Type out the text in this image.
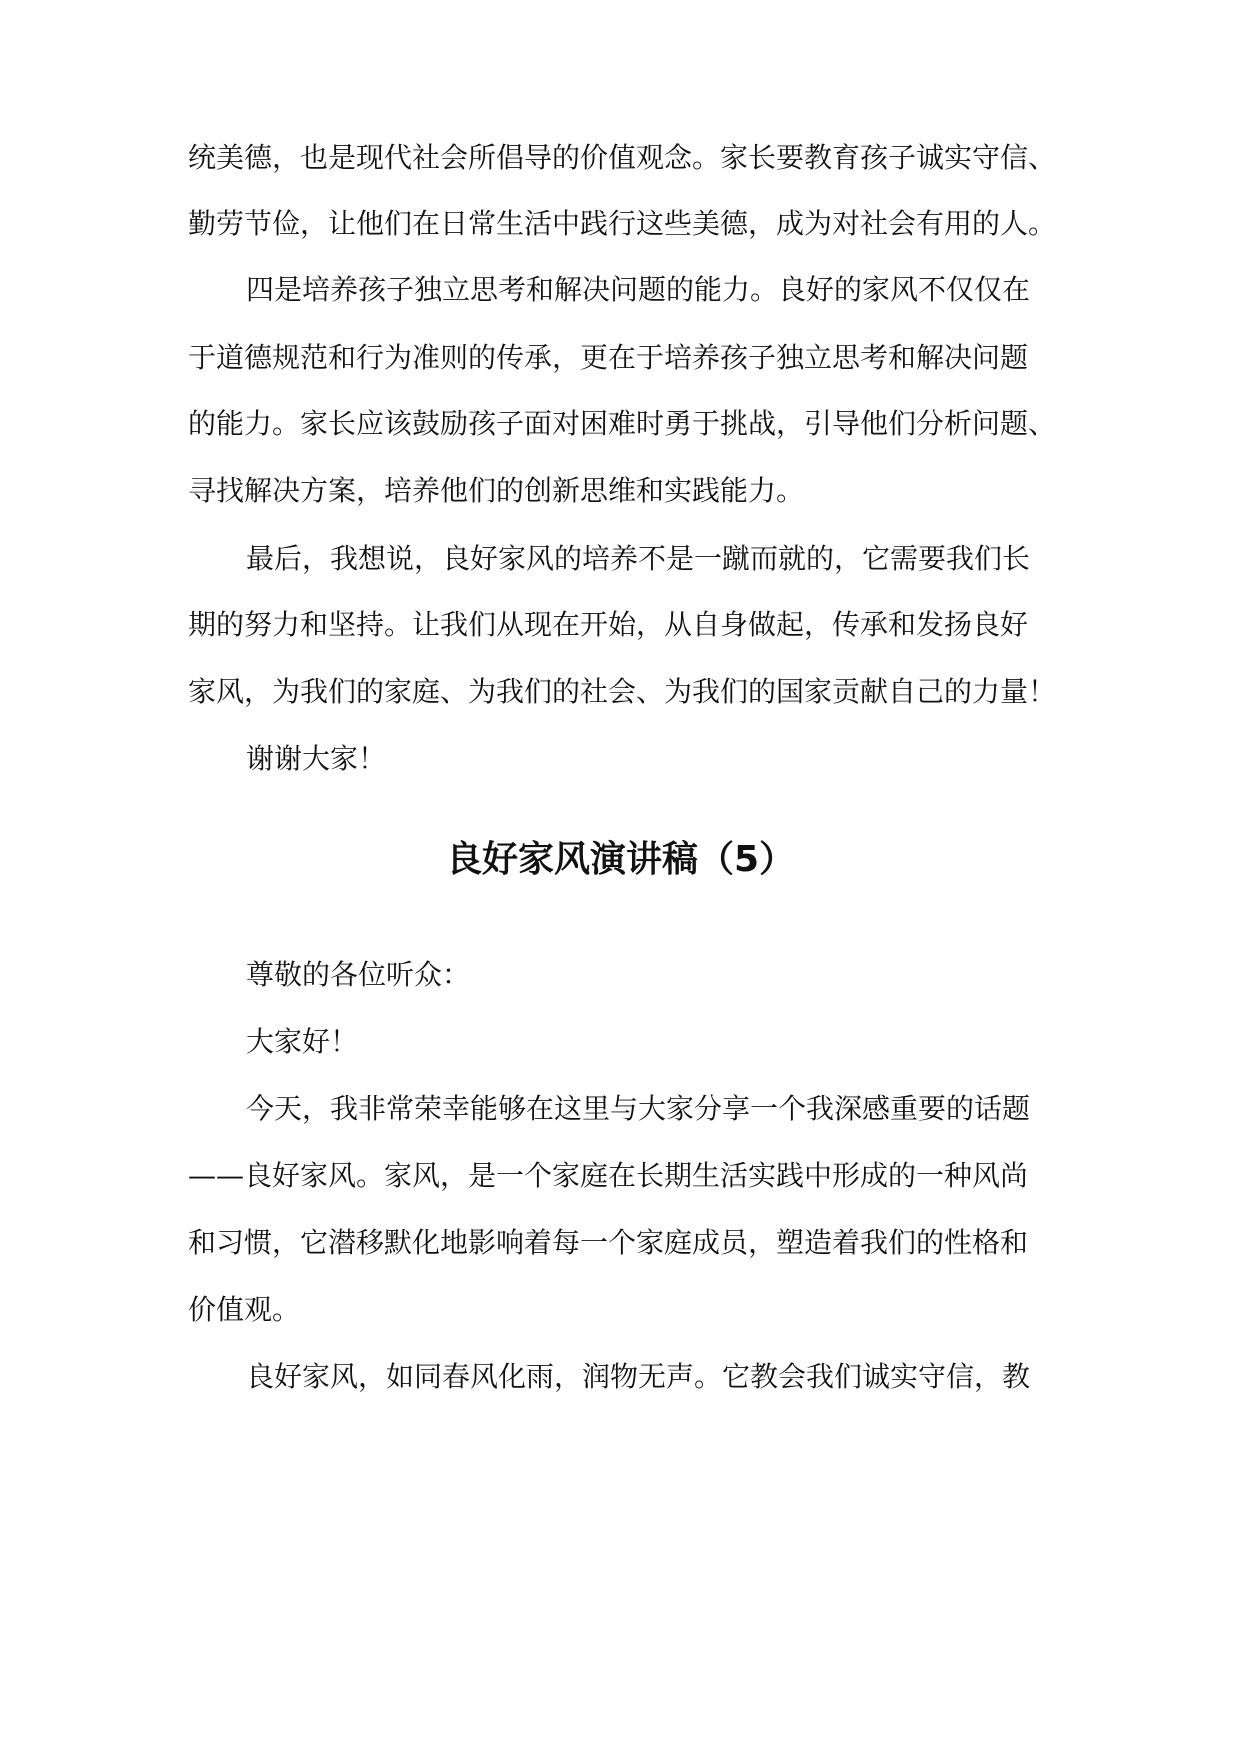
统美德，也是现代社会所倡导的价值观念。家长要教育孩子诚实守信、
勤劳节俭，让他们在日常生活中践行这些美德，成为对社会有用的人。
四是培养孩子独立思考和解决问题的能力。良好的家风不仅仅在
于道德规范和行为准则的传承，更在于培养孩子独立思考和解决问题
的能力。家长应该鼓励孩子面对困难时勇于挑战，引导他们分析问题、
寻找解决方案，培养他们的创新思维和实践能力。
最后，我想说，良好家风的培养不是一蹴而就的，它需要我们长
期的努力和坚持。让我们从现在开始，从自身做起，传承和发扬良好
家风，为我们的家庭、为我们的社会、为我们的国家贡献自己的力量！
谢谢大家！
良好家风演讲稿（5）
尊敬的各位听众：
大家好！
今天，我非常荣幸能够在这里与大家分享一个我深感重要的话题
——良好家风。家风，是一个家庭在长期生活实践中形成的一种风尚
和习惯，它潜移默化地影响着每一个家庭成员，塑造着我们的性格和
价值观。
良好家风，如同春风化雨，润物无声。它教会我们诚实守信，教
